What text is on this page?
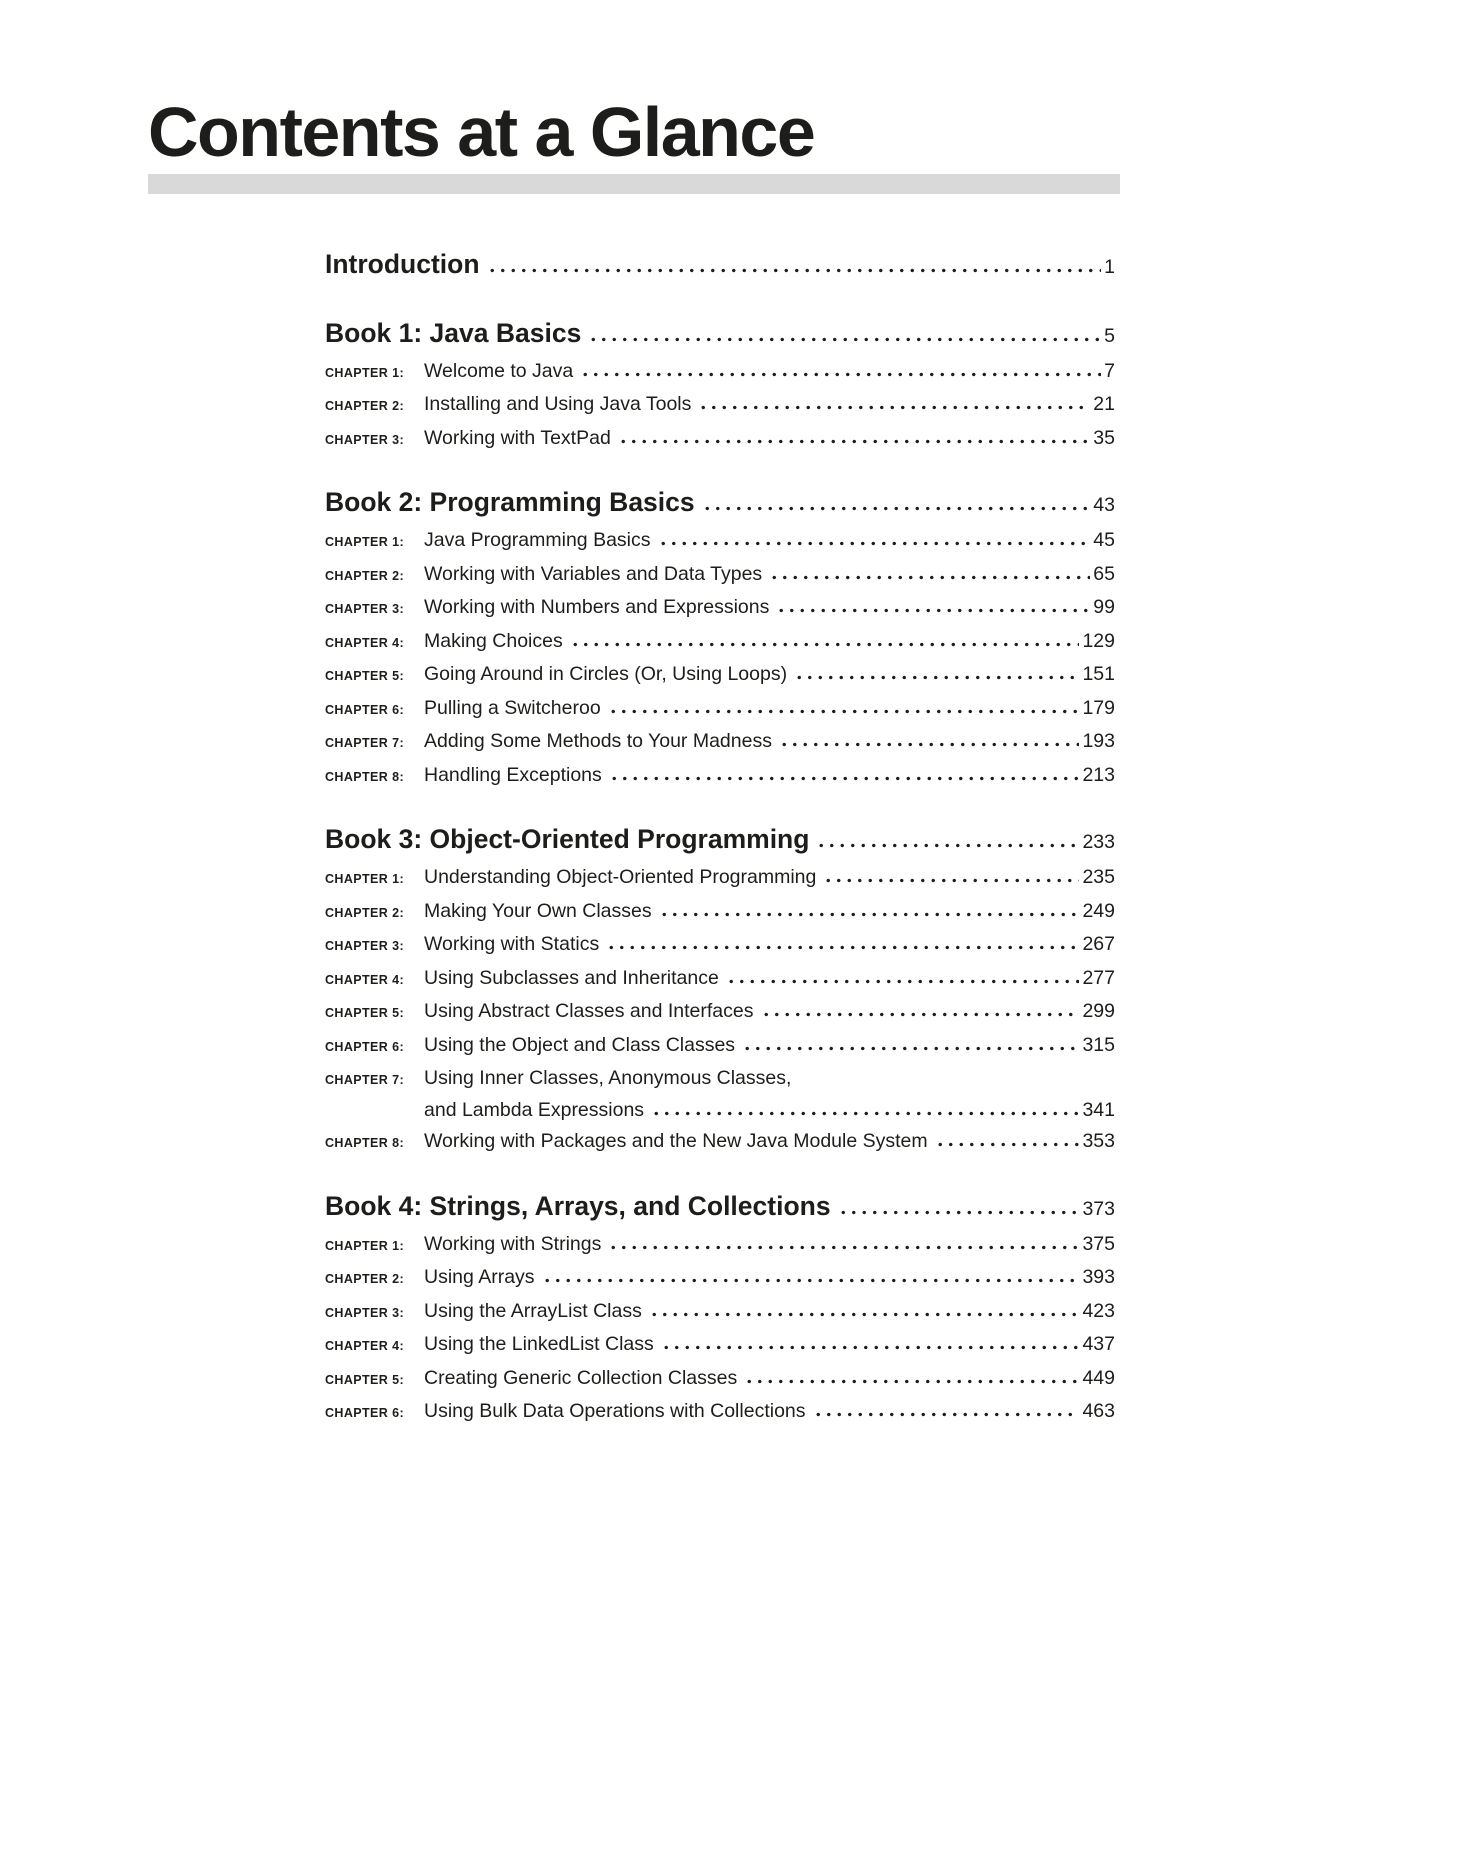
Contents at a Glance
Introduction	1
Book 1: Java Basics	5
CHAPTER 1:	Welcome to Java	7
CHAPTER 2:	Installing and Using Java Tools	21
CHAPTER 3:	Working with TextPad	35
Book 2: Programming Basics	43
CHAPTER 1:	Java Programming Basics	45
CHAPTER 2:	Working with Variables and Data Types	65
CHAPTER 3:	Working with Numbers and Expressions	99
CHAPTER 4:	Making Choices	129
CHAPTER 5:	Going Around in Circles (Or, Using Loops)	151
CHAPTER 6:	Pulling a Switcheroo	179
CHAPTER 7:	Adding Some Methods to Your Madness	193
CHAPTER 8:	Handling Exceptions	213
Book 3: Object-Oriented Programming	233
CHAPTER 1:	Understanding Object-Oriented Programming	235
CHAPTER 2:	Making Your Own Classes	249
CHAPTER 3:	Working with Statics	267
CHAPTER 4:	Using Subclasses and Inheritance	277
CHAPTER 5:	Using Abstract Classes and Interfaces	299
CHAPTER 6:	Using the Object and Class Classes	315
CHAPTER 7:	Using Inner Classes, Anonymous Classes,
and Lambda Expressions	341
CHAPTER 8:	Working with Packages and the New Java Module System	353
Book 4: Strings, Arrays, and Collections	373
CHAPTER 1:	Working with Strings	375
CHAPTER 2:	Using Arrays	393
CHAPTER 3:	Using the ArrayList Class	423
CHAPTER 4:	Using the LinkedList Class	437
CHAPTER 5:	Creating Generic Collection Classes	449
CHAPTER 6:	Using Bulk Data Operations with Collections	463
